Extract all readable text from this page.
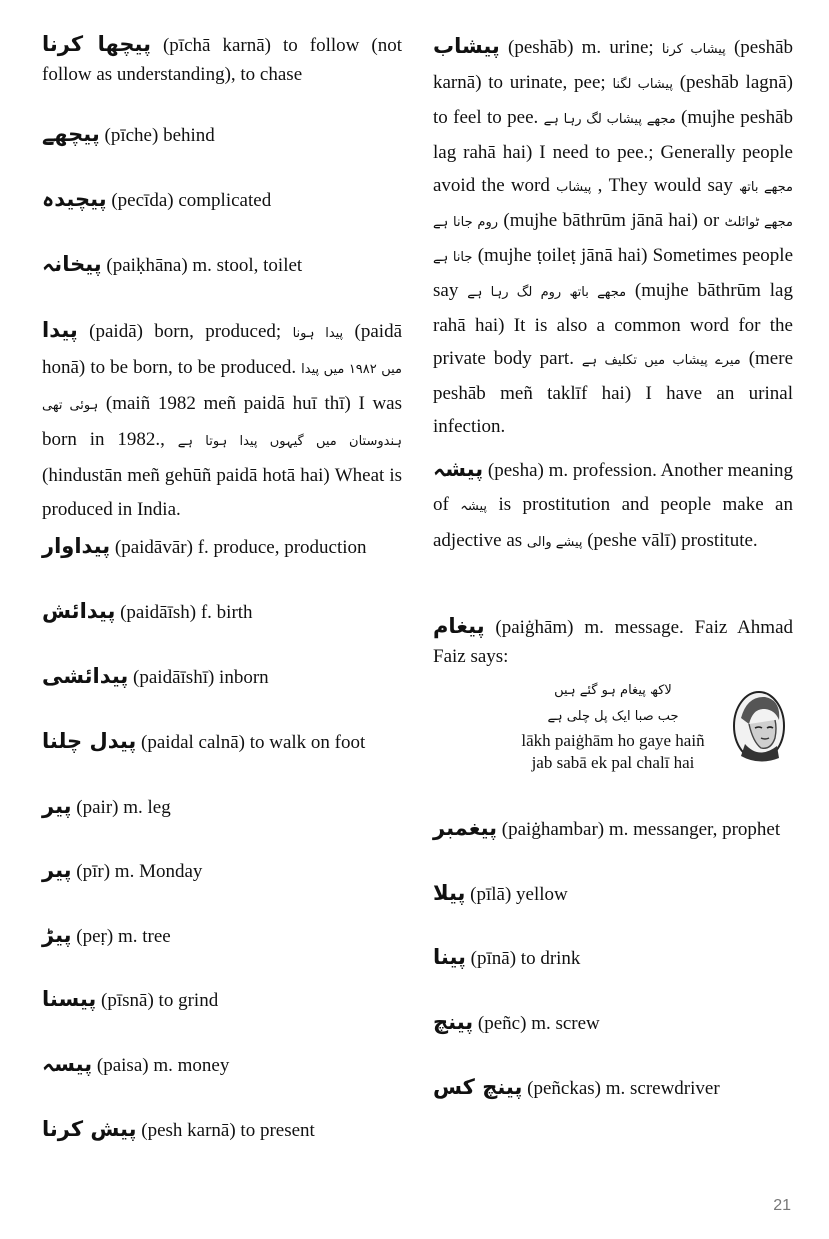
پیچھا کرنا (pīchā karnā) to follow (not follow as understanding), to chase

پیچھے (pīche) behind

پیچیدہ (pecīda) complicated

پیخانہ (paiḳhāna) m. stool, toilet

پیدا (paidā) born, produced; پیدا ہونا (paidā honā) to be born, to be produced. میں ۱۹۸۲ میں پیدا ہوئی تھی (maiñ 1982 meñ paidā huī thī) I was born in 1982., ہندوستان میں گیہوں پیدا ہوتا ہے (hindustān meñ gehūñ paidā hotā hai) Wheat is produced in India.

پیداوار (paidāvār) f. produce, production

پیدائش (paidāīsh) f. birth

پیدائشی (paidāīshī) inborn

پیدل چلنا (paidal calnā) to walk on foot

پیر (pair) m. leg

پیر (pīr) m. Monday

پیڑ (peṛ) m. tree

پیسنا (pīsnā) to grind

پیسہ (paisa) m. money

پیش کرنا (pesh karnā) to present

پیشاب (peshāb) m. urine; پیشاب کرنا (peshāb karnā) to urinate, pee; پیشاب لگنا (peshāb lagnā) to feel to pee. مجھے پیشاب لگ رہا ہے (mujhe peshāb lag rahā hai) I need to pee.; Generally people avoid the word پیشاب , They would say مجھے باتھ روم جانا ہے (mujhe bāthrūm jānā hai) or مجھے ٹوائلٹ جانا ہے (mujhe ṭoileṭ jānā hai) Sometimes people say مجھے باتھ روم لگ رہا ہے (mujhe bāthrūm lag rahā hai) It is also a common word for the private body part. میرے پیشاب میں تکلیف ہے (mere peshāb meñ taklīf hai) I have an urinal infection.

پیشہ (pesha) m. profession. Another meaning of پیشہ is prostitution and people make an adjective as پیشے والی (peshe vālī) prostitute.

پیغام (paiġhām) m. message. Faiz Ahmad Faiz says:

لاکھ پیغام ہو گئے ہیں
جب صبا ایک پل چلی ہے
lākh paiġhām ho gaye haiñ
jab sabā ek pal chalī hai

پیغمبر (paiġhambar) m. messanger, prophet

پیلا (pīlā) yellow

پینا (pīnā) to drink

پینچ (peñc) m. screw

پینچ کس (peñckas) m. screwdriver

21
